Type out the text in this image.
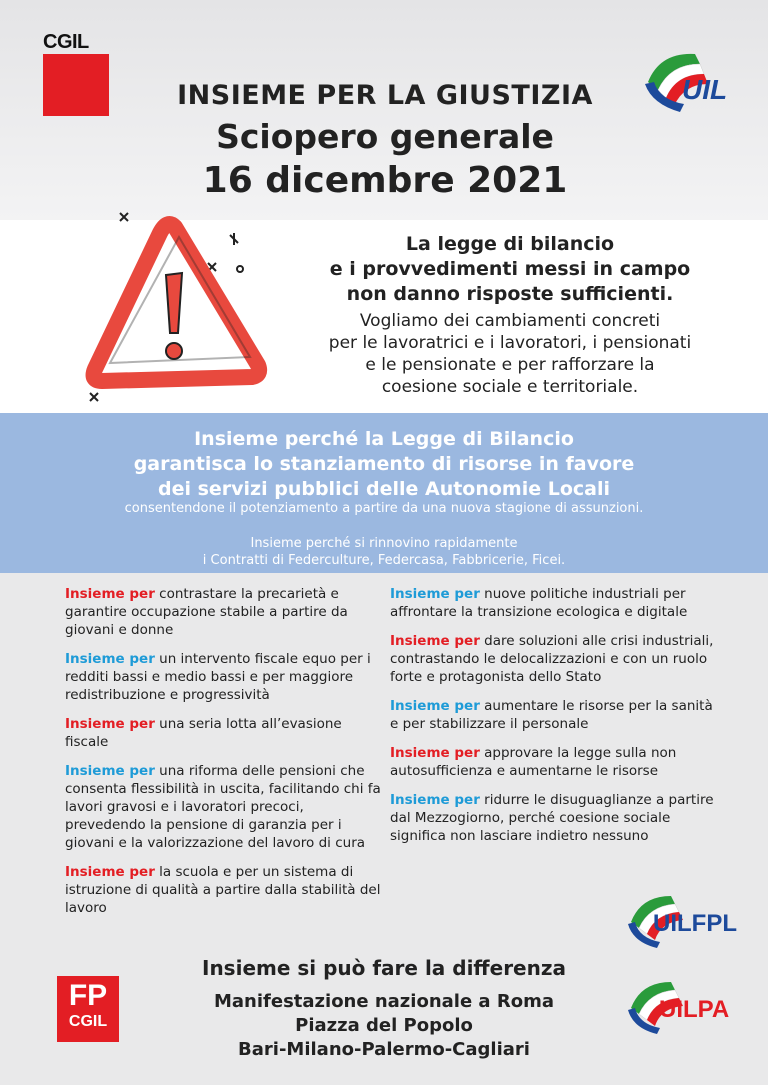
CGIL
UIL
INSIEME PER LA GIUSTIZIA
Sciopero generale
16 dicembre 2021
La legge di bilancio
e i provvedimenti messi in campo
non danno risposte sufficienti.
Vogliamo dei cambiamenti concreti
per le lavoratrici e i lavoratori, i pensionati
e le pensionate e per rafforzare la
coesione sociale e territoriale.
Insieme perché la Legge di Bilancio
garantisca lo stanziamento di risorse in favore
dei servizi pubblici delle Autonomie Locali
consentendone il potenziamento a partire da una nuova stagione di assunzioni.
Insieme perché si rinnovino rapidamente
i Contratti di Federculture, Federcasa, Fabbricerie, Ficei.
Insieme per contrastare la precarietà e garantire occupazione stabile a partire da giovani e donne
Insieme per un intervento fiscale equo per i redditi bassi e medio bassi e per maggiore redistribuzione e progressività
Insieme per una seria lotta all’evasione fiscale
Insieme per una riforma delle pensioni che consenta flessibilità in uscita, facilitando chi fa lavori gravosi e i lavoratori precoci, prevedendo la pensione di garanzia per i giovani e la valorizzazione del lavoro di cura
Insieme per la scuola e per un sistema di istruzione di qualità a partire dalla stabilità del lavoro
Insieme per nuove politiche industriali per affrontare la transizione ecologica e digitale
Insieme per dare soluzioni alle crisi industriali, contrastando le delocalizzazioni e con un ruolo forte e protagonista dello Stato
Insieme per aumentare le risorse per la sanità e per stabilizzare il personale
Insieme per approvare la legge sulla non autosufficienza e aumentarne le risorse
Insieme per ridurre le disuguaglianze a partire dal Mezzogiorno, perché coesione sociale significa non lasciare indietro nessuno
UILFPL
Insieme si può fare la differenza
Manifestazione nazionale a Roma
Piazza del Popolo
Bari-Milano-Palermo-Cagliari
FP
CGIL	UILPA
